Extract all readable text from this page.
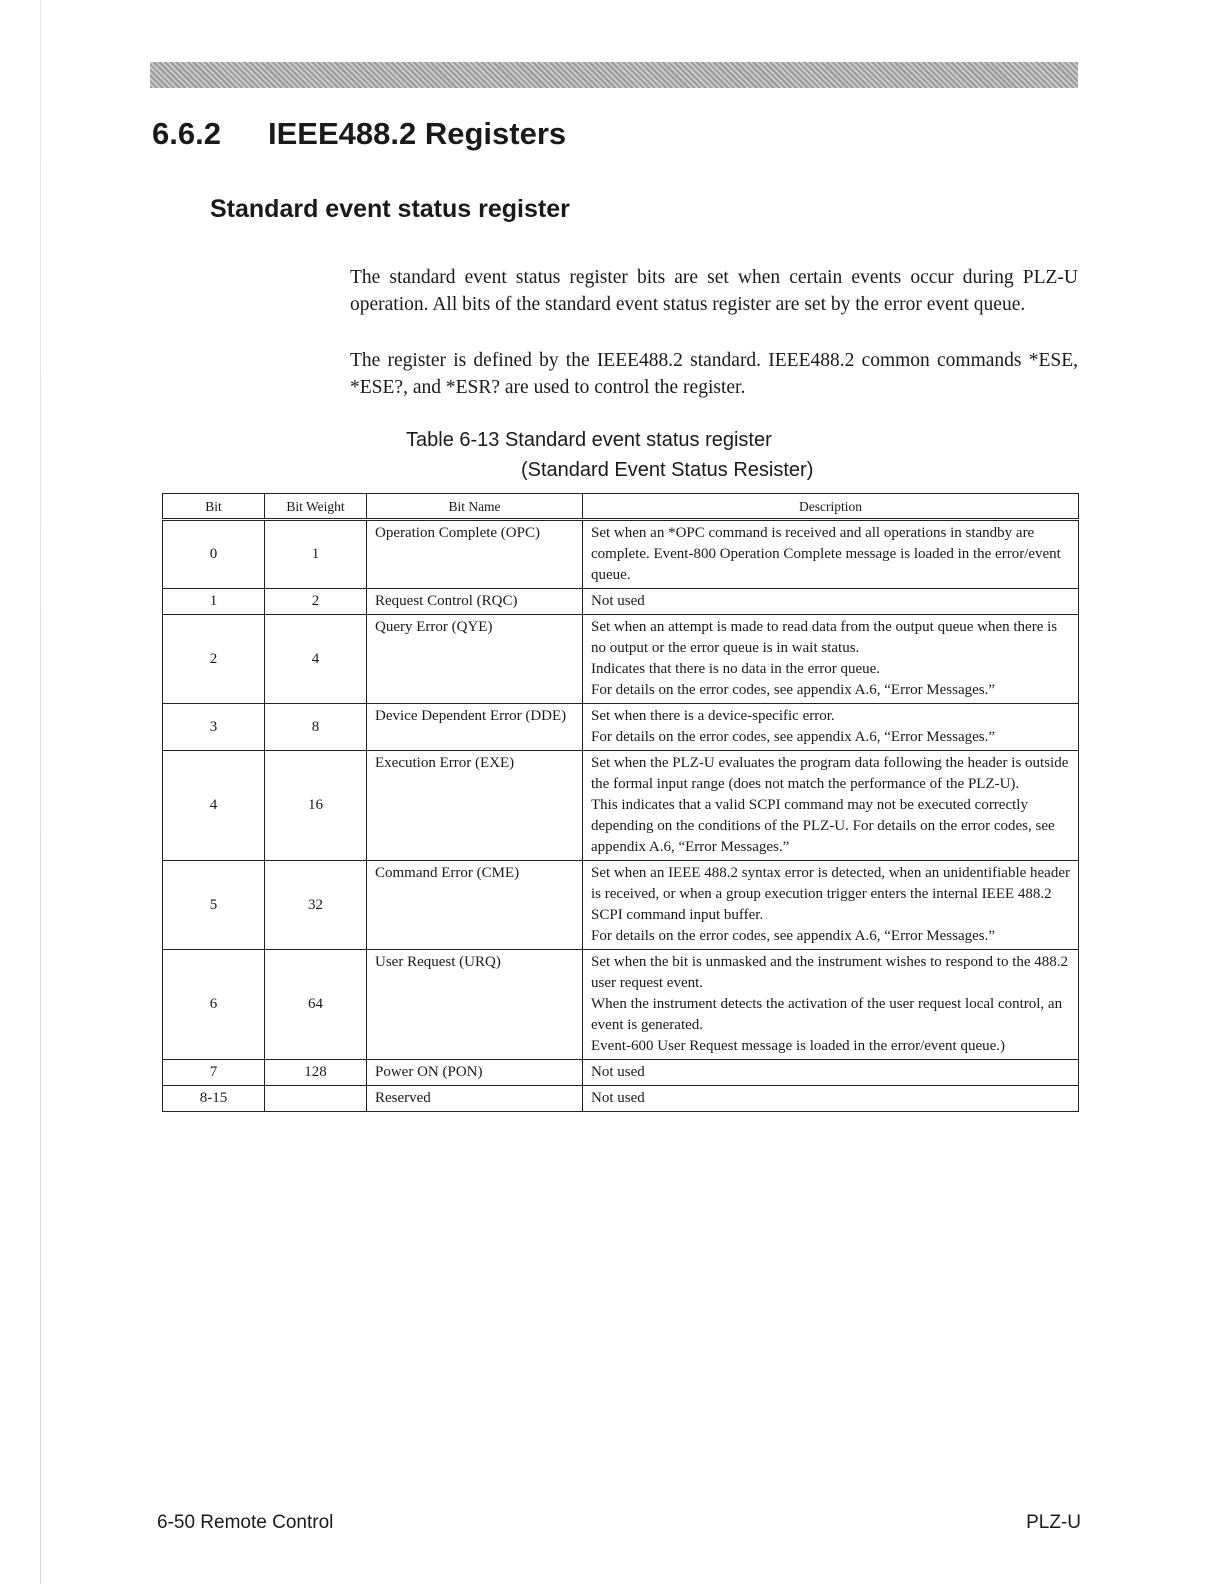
6.6.2 IEEE488.2 Registers
Standard event status register

The standard event status register bits are set when certain events occur during PLZ-U operation. All bits of the standard event status register are set by the error event queue.

The register is defined by the IEEE488.2 standard. IEEE488.2 common commands *ESE, *ESE?, and *ESR? are used to control the register.

Table 6-13 Standard event status register
(Standard Event Status Resister)
Bit	Bit Weight	Bit Name	Description
0	1	Operation Complete (OPC)	Set when an *OPC command is received and all operations in standby are complete. Event-800 Operation Complete message is loaded in the error/event queue.

1	2	Request Control (RQC)	Not used

2	4	Query Error (QYE)	Set when an attempt is made to read data from the output queue when there is no output or the error queue is in wait status.
Indicates that there is no data in the error queue.
For details on the error codes, see appendix A.6, “Error Messages.”

3	8	Device Dependent Error (DDE)	Set when there is a device-specific error.
For details on the error codes, see appendix A.6, “Error Messages.”

4	16	Execution Error (EXE)	Set when the PLZ-U evaluates the program data following the header is outside the formal input range (does not match the performance of the PLZ-U).
This indicates that a valid SCPI command may not be executed correctly depending on the conditions of the PLZ-U. For details on the error codes, see appendix A.6, “Error Messages.”

5	32	Command Error (CME)	Set when an IEEE 488.2 syntax error is detected, when an unidentifiable header is received, or when a group execution trigger enters the internal IEEE 488.2 SCPI command input buffer.
For details on the error codes, see appendix A.6, “Error Messages.”

6	64	User Request (URQ)	Set when the bit is unmasked and the instrument wishes to respond to the 488.2 user request event.
When the instrument detects the activation of the user request local control, an event is generated.
Event-600 User Request message is loaded in the error/event queue.)

7	128	Power ON (PON)	Not used

8-15		Reserved	Not used
6-50 Remote Control	PLZ-U
